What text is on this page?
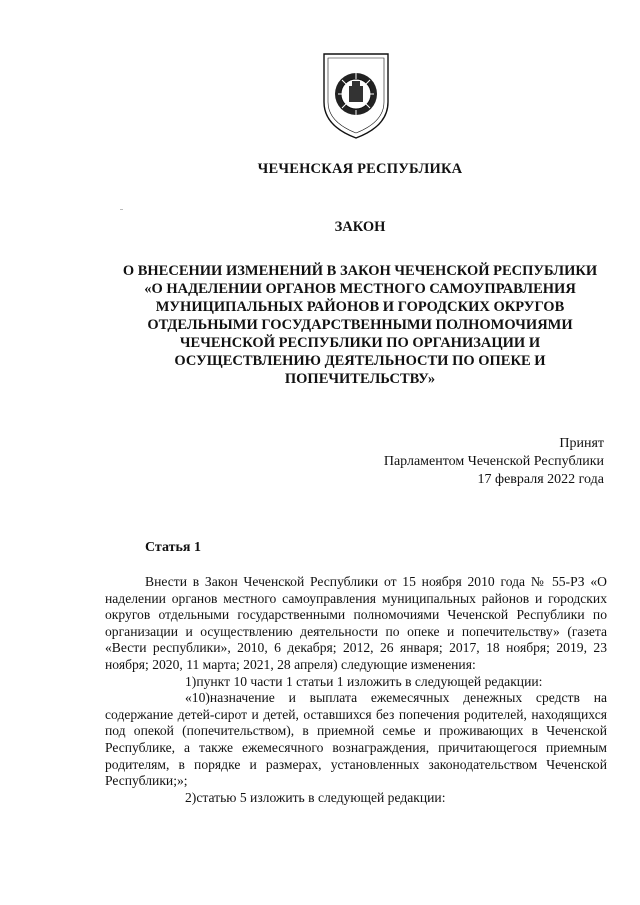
ЧЕЧЕНСКАЯ РЕСПУБЛИКА
ЗАКОН
О ВНЕСЕНИИ ИЗМЕНЕНИЙ В ЗАКОН ЧЕЧЕНСКОЙ РЕСПУБЛИКИ
«О НАДЕЛЕНИИ ОРГАНОВ МЕСТНОГО САМОУПРАВЛЕНИЯ
МУНИЦИПАЛЬНЫХ РАЙОНОВ И ГОРОДСКИХ ОКРУГОВ
ОТДЕЛЬНЫМИ ГОСУДАРСТВЕННЫМИ ПОЛНОМОЧИЯМИ
ЧЕЧЕНСКОЙ РЕСПУБЛИКИ ПО ОРГАНИЗАЦИИ И
ОСУЩЕСТВЛЕНИЮ ДЕЯТЕЛЬНОСТИ ПО ОПЕКЕ И
ПОПЕЧИТЕЛЬСТВУ»
Принят
Парламентом Чеченской Республики
17 февраля 2022 года
Статья 1

Внести в Закон Чеченской Республики от 15 ноября 2010 года № 55-РЗ «О наделении органов местного самоуправления муниципальных районов и городских округов отдельными государственными полномочиями Чеченской Республики по организации и осуществлению деятельности по опеке и попечительству» (газета «Вести республики», 2010, 6 декабря; 2012, 26 января; 2017, 18 ноября; 2019, 23 ноября; 2020, 11 марта; 2021, 28 апреля) следующие изменения:

1)пункт 10 части 1 статьи 1 изложить в следующей редакции:

«10)назначение и выплата ежемесячных денежных средств на содержание детей-сирот и детей, оставшихся без попечения родителей, находящихся под опекой (попечительством), в приемной семье и проживающих в Чеченской Республике, а также ежемесячного вознаграждения, причитающегося приемным родителям, в порядке и размерах, установленных законодательством Чеченской Республики;»;

2)статью 5 изложить в следующей редакции:
